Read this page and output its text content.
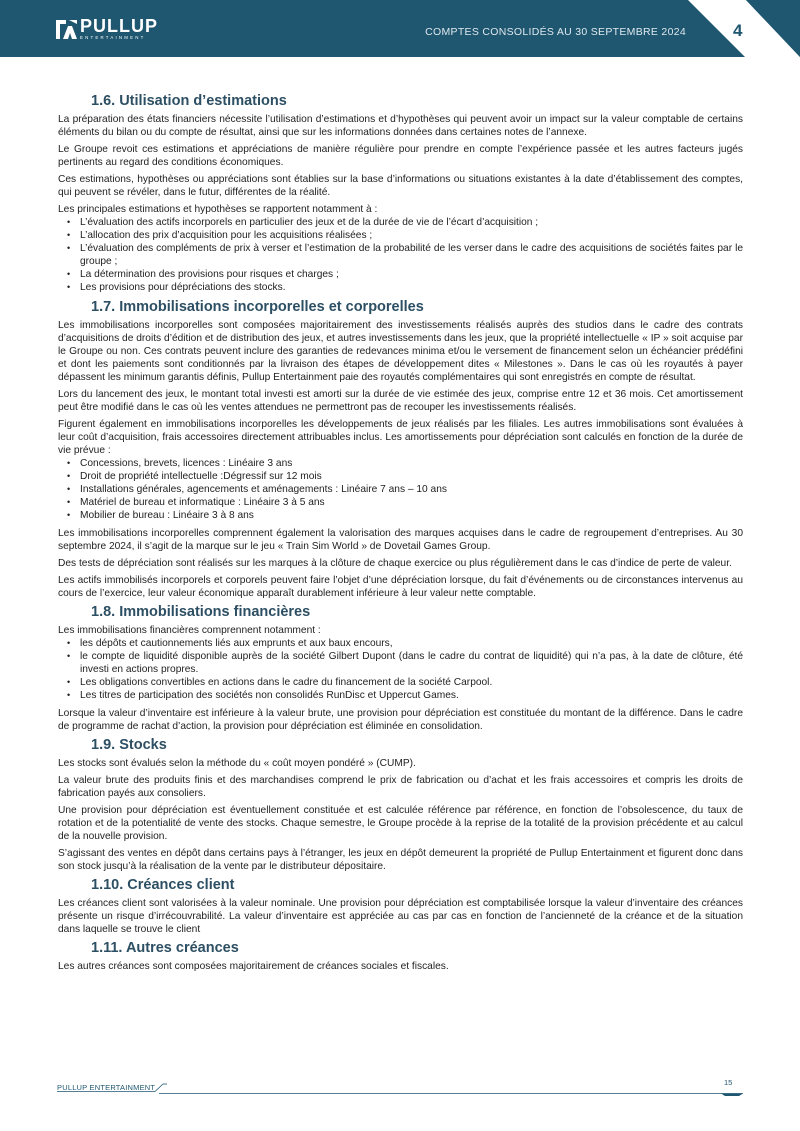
PULLUP
ENTERTAINMENT	COMPTES CONSOLIDÉS AU 30 SEPTEMBRE 2024	4
1.6. Utilisation d’estimations

La préparation des états financiers nécessite l’utilisation d’estimations et d’hypothèses qui peuvent avoir un impact sur la valeur comptable de certains éléments du bilan ou du compte de résultat, ainsi que sur les informations données dans certaines notes de l’annexe.

Le Groupe revoit ces estimations et appréciations de manière régulière pour prendre en compte l’expérience passée et les autres facteurs jugés pertinents au regard des conditions économiques.

Ces estimations, hypothèses ou appréciations sont établies sur la base d’informations ou situations existantes à la date d’établissement des comptes, qui peuvent se révéler, dans le futur, différentes de la réalité.

Les principales estimations et hypothèses se rapportent notamment à :

• L’évaluation des actifs incorporels en particulier des jeux et de la durée de vie de l’écart d’acquisition ;
• L’allocation des prix d’acquisition pour les acquisitions réalisées ;
• L’évaluation des compléments de prix à verser et l’estimation de la probabilité de les verser dans le cadre des acquisitions de sociétés faites par le groupe ;
• La détermination des provisions pour risques et charges ;
• Les provisions pour dépréciations des stocks.
1.7. Immobilisations incorporelles et corporelles

Les immobilisations incorporelles sont composées majoritairement des investissements réalisés auprès des studios dans le cadre des contrats d’acquisitions de droits d’édition et de distribution des jeux, et autres investissements dans les jeux, que la propriété intellectuelle « IP » soit acquise par le Groupe ou non. Ces contrats peuvent inclure des garanties de redevances minima et/ou le versement de financement selon un échéancier prédéfini et dont les paiements sont conditionnés par la livraison des étapes de développement dites « Milestones ». Dans le cas où les royautés à payer dépassent les minimum garantis définis, Pullup Entertainment paie des royautés complémentaires qui sont enregistrés en compte de résultat.

Lors du lancement des jeux, le montant total investi est amorti sur la durée de vie estimée des jeux, comprise entre 12 et 36 mois. Cet amortissement peut être modifié dans le cas où les ventes attendues ne permettront pas de recouper les investissements réalisés.

Figurent également en immobilisations incorporelles les développements de jeux réalisés par les filiales. Les autres immobilisations sont évaluées à leur coût d’acquisition, frais accessoires directement attribuables inclus. Les amortissements pour dépréciation sont calculés en fonction de la durée de vie prévue :

• Concessions, brevets, licences : Linéaire 3 ans
• Droit de propriété intellectuelle :Dégressif sur 12 mois
• Installations générales, agencements et aménagements : Linéaire 7 ans – 10 ans
• Matériel de bureau et informatique : Linéaire 3 à 5 ans
• Mobilier de bureau : Linéaire 3 à 8 ans

Les immobilisations incorporelles comprennent également la valorisation des marques acquises dans le cadre de regroupement d’entreprises. Au 30 septembre 2024, il s’agit de la marque sur le jeu « Train Sim World » de Dovetail Games Group.

Des tests de dépréciation sont réalisés sur les marques à la clôture de chaque exercice ou plus régulièrement dans le cas d’indice de perte de valeur.

Les actifs immobilisés incorporels et corporels peuvent faire l’objet d’une dépréciation lorsque, du fait d’événements ou de circonstances intervenus au cours de l’exercice, leur valeur économique apparaît durablement inférieure à leur valeur nette comptable.

1.8. Immobilisations financières

Les immobilisations financières comprennent notamment :

• les dépôts et cautionnements liés aux emprunts et aux baux encours,
• le compte de liquidité disponible auprès de la société Gilbert Dupont (dans le cadre du contrat de liquidité) qui n’a pas, à la date de clôture, été investi en actions propres.
• Les obligations convertibles en actions dans le cadre du financement de la société Carpool.
• Les titres de participation des sociétés non consolidés RunDisc et Uppercut Games.

Lorsque la valeur d’inventaire est inférieure à la valeur brute, une provision pour dépréciation est constituée du montant de la différence. Dans le cadre de programme de rachat d’action, la provision pour dépréciation est éliminée en consolidation.

1.9. Stocks

Les stocks sont évalués selon la méthode du « coût moyen pondéré » (CUMP).

La valeur brute des produits finis et des marchandises comprend le prix de fabrication ou d’achat et les frais accessoires et compris les droits de fabrication payés aux consoliers.

Une provision pour dépréciation est éventuellement constituée et est calculée référence par référence, en fonction de l’obsolescence, du taux de rotation et de la potentialité de vente des stocks. Chaque semestre, le Groupe procède à la reprise de la totalité de la provision précédente et au calcul de la nouvelle provision.

S’agissant des ventes en dépôt dans certains pays à l’étranger, les jeux en dépôt demeurent la propriété de Pullup Entertainment et figurent donc dans son stock jusqu’à la réalisation de la vente par le distributeur dépositaire.

1.10. Créances client

Les créances client sont valorisées à la valeur nominale. Une provision pour dépréciation est comptabilisée lorsque la valeur d’inventaire des créances présente un risque d’irrécouvrabilité. La valeur d’inventaire est appréciée au cas par cas en fonction de l’ancienneté de la créance et de la situation dans laquelle se trouve le client

1.11. Autres créances

Les autres créances sont composées majoritairement de créances sociales et fiscales.

PULLUP ENTERTAINMENT
15
